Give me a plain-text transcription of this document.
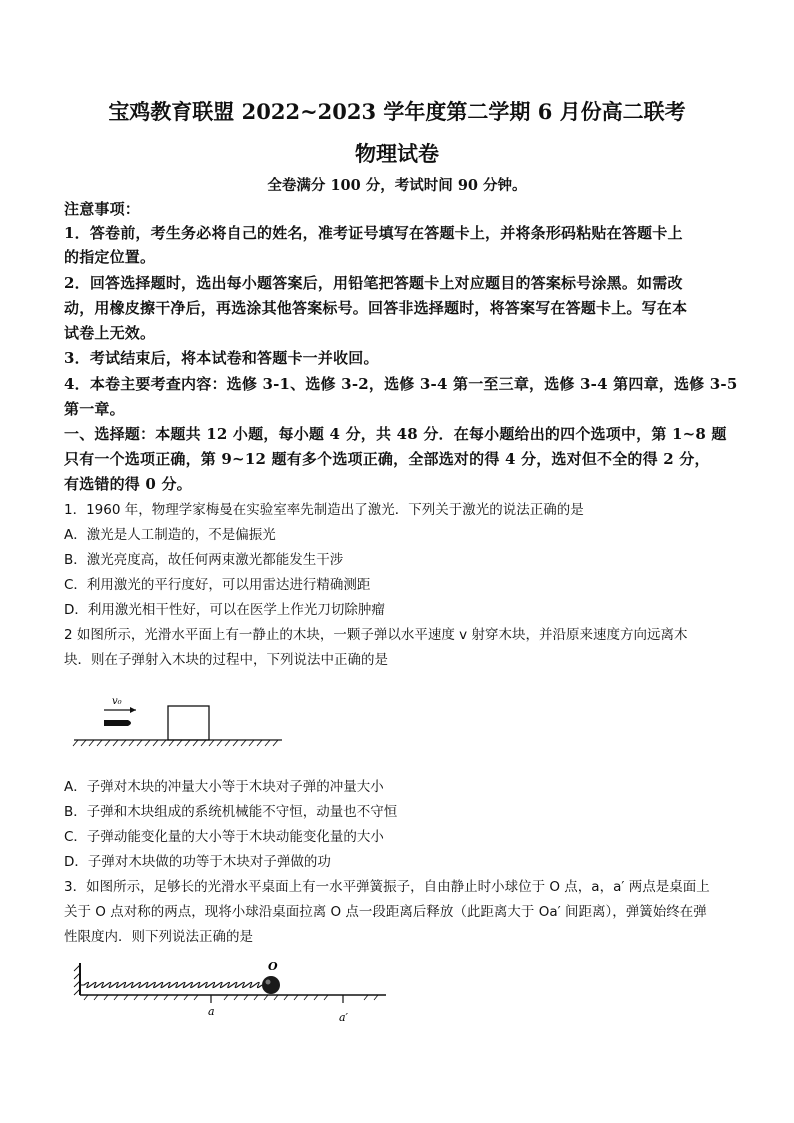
宝鸡教育联盟 2022~2023 学年度第二学期 6 月份高二联考
物理试卷
全卷满分 100 分，考试时间 90 分钟。
注意事项：
1．答卷前，考生务必将自己的姓名，准考证号填写在答题卡上，并将条形码粘贴在答题卡上
的指定位置。
2．回答选择题时，选出每小题答案后，用铅笔把答题卡上对应题目的答案标号涂黑。如需改
动，用橡皮擦干净后，再选涂其他答案标号。回答非选择题时，将答案写在答题卡上。写在本
试卷上无效。
3．考试结束后，将本试卷和答题卡一并收回。
4．本卷主要考查内容：选修 3-1、选修 3-2，选修 3-4 第一至三章，选修 3-4 第四章，选修 3-5
第一章。
一、选择题：本题共 12 小题，每小题 4 分，共 48 分．在每小题给出的四个选项中，第 1~8 题
只有一个选项正确，第 9~12 题有多个选项正确，全部选对的得 4 分，选对但不全的得 2 分，
有选错的得 0 分。
1．1960 年，物理学家梅曼在实验室率先制造出了激光．下列关于激光的说法正确的是
A．激光是人工制造的，不是偏振光
B．激光亮度高，故任何两束激光都能发生干涉
C．利用激光的平行度好，可以用雷达进行精确测距
D．利用激光相干性好，可以在医学上作光刀切除肿瘤
2 如图所示，光滑水平面上有一静止的木块，一颗子弹以水平速度 v 射穿木块，并沿原来速度方向远离木
块．则在子弹射入木块的过程中，下列说法中正确的是
v₀
A．子弹对木块的冲量大小等于木块对子弹的冲量大小
B．子弹和木块组成的系统机械能不守恒，动量也不守恒
C．子弹动能变化量的大小等于木块动能变化量的大小
D．子弹对木块做的功等于木块对子弹做的功
3．如图所示，足够长的光滑水平桌面上有一水平弹簧振子，自由静止时小球位于 O 点，a，a′ 两点是桌面上
关于 O 点对称的两点，现将小球沿桌面拉离 O 点一段距离后释放（此距离大于 Oa′ 间距离），弹簧始终在弹
性限度内．则下列说法正确的是
O
a	a′
